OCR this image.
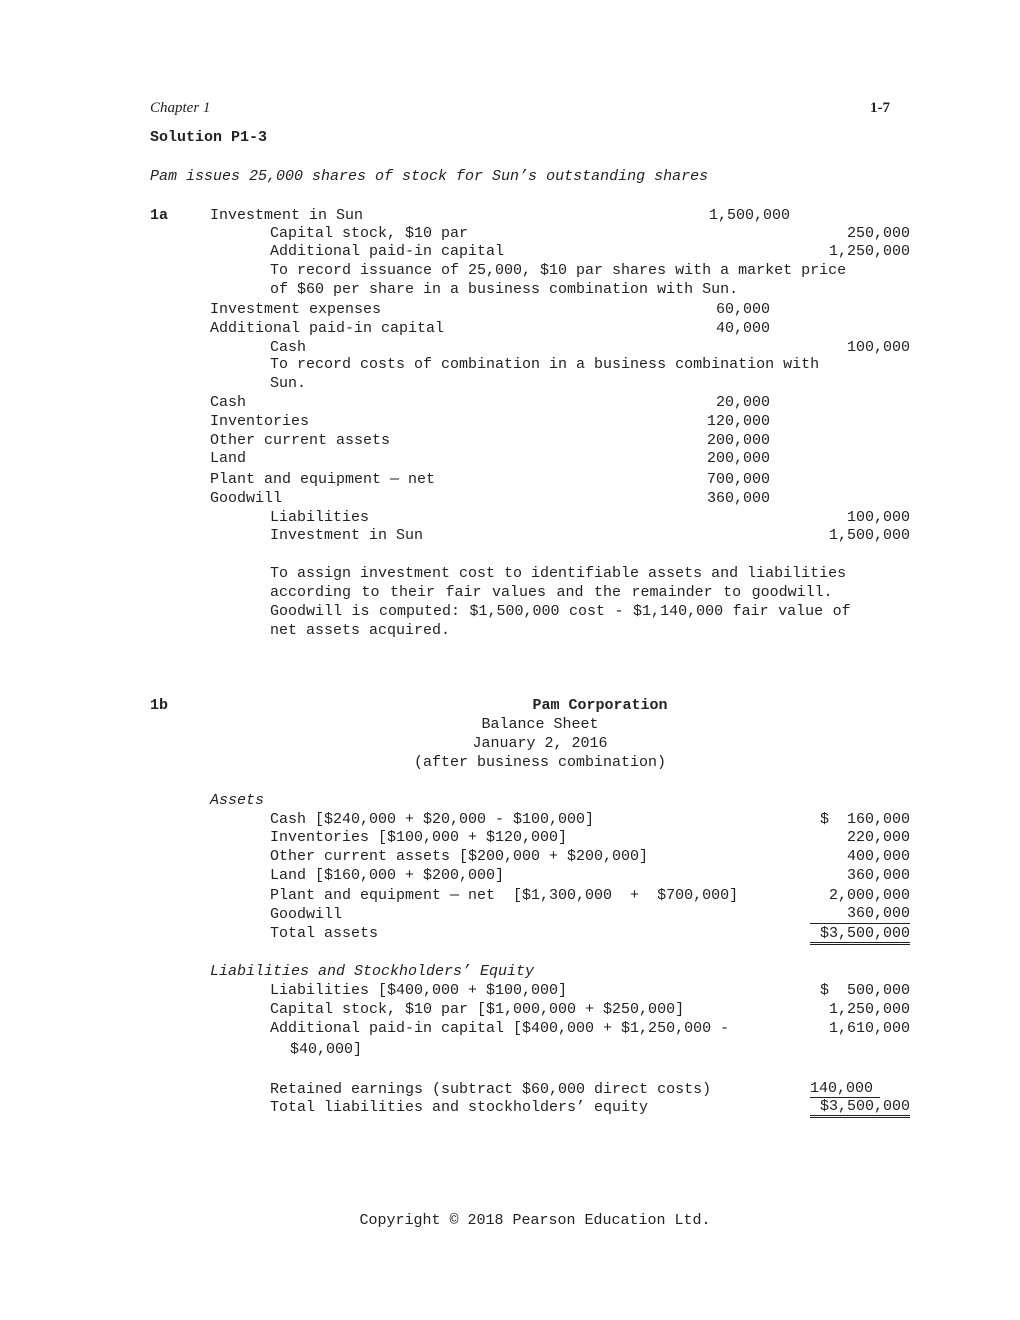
Chapter 1	1-7
Solution P1-3
Pam issues 25,000 shares of stock for Sun’s outstanding shares
1a	Investment in Sun	1,500,000
Capital stock, $10 par	250,000
Additional paid-in capital	1,250,000
To record issuance of 25,000, $10 par shares with a market price
of $60 per share in a business combination with Sun.
Investment expenses	60,000
Additional paid-in capital	40,000
Cash	100,000
To record costs of combination in a business combination with
Sun.
Cash	20,000
Inventories	120,000
Other current assets	200,000
Land	200,000
Plant and equipment — net	700,000
Goodwill	360,000
Liabilities	100,000
Investment in Sun	1,500,000
To assign investment cost to identifiable assets and liabilities
according to their fair values and the remainder to goodwill.
Goodwill is computed: $1,500,000 cost - $1,140,000 fair value of
net assets acquired.
1b	Pam Corporation
Balance Sheet
January 2, 2016
(after business combination)
Assets
Cash [$240,000 + $20,000 - $100,000]	$  160,000
Inventories [$100,000 + $120,000]	220,000
Other current assets [$200,000 + $200,000]	400,000
Land [$160,000 + $200,000]	360,000
Plant and equipment — net  [$1,300,000  +  $700,000]	2,000,000
Goodwill	360,000
Total assets	$3,500,000
Liabilities and Stockholders’ Equity
Liabilities [$400,000 + $100,000]	$  500,000
Capital stock, $10 par [$1,000,000 + $250,000]	1,250,000
Additional paid-in capital [$400,000 + $1,250,000 -	1,610,000
$40,000]
Retained earnings (subtract $60,000 direct costs)	140,000
Total liabilities and stockholders’ equity	$3,500,000
Copyright © 2018 Pearson Education Ltd.
